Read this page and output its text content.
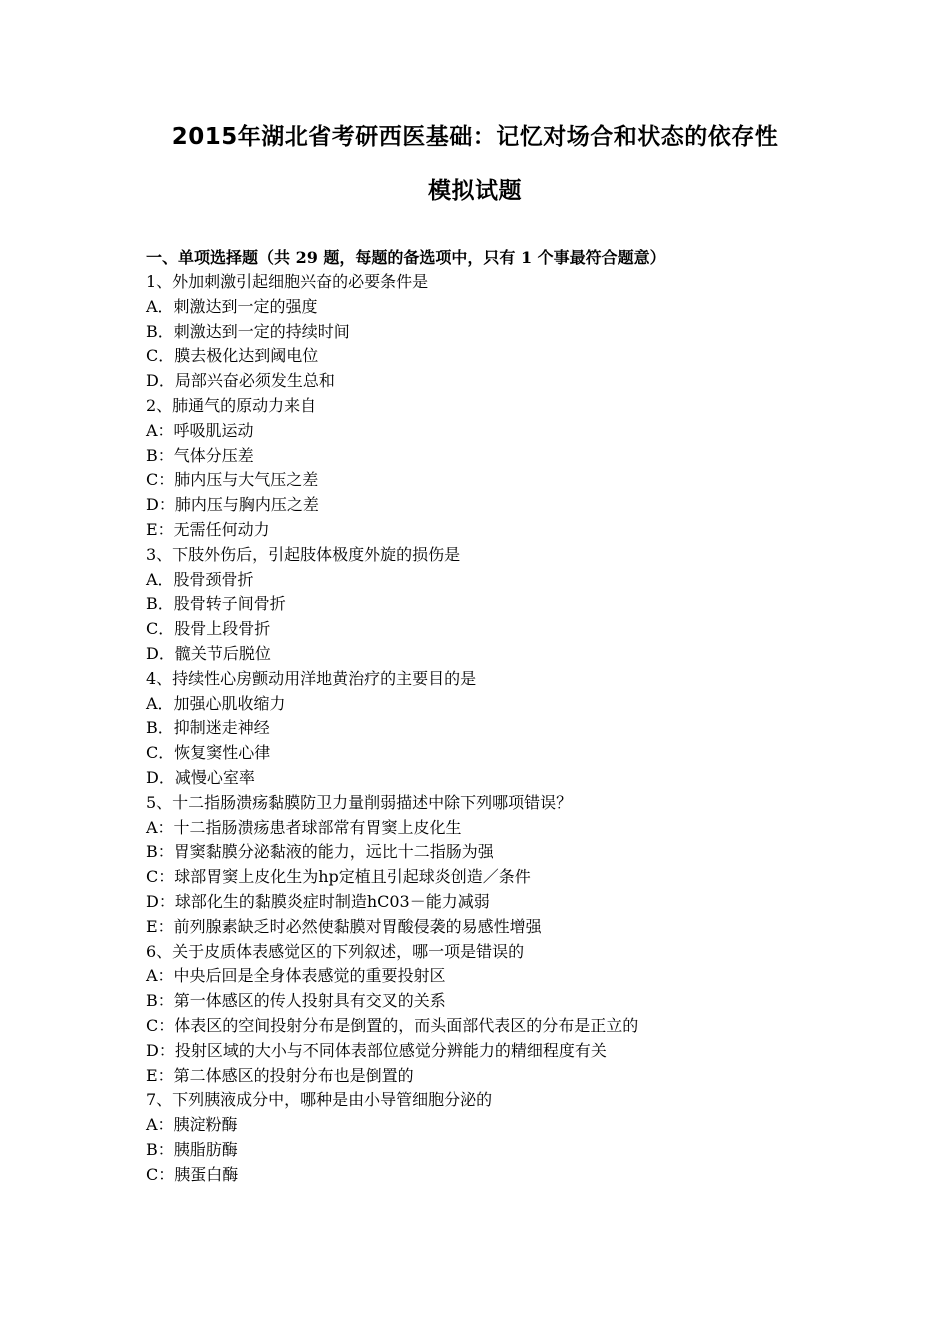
2015年湖北省考研西医基础：记忆对场合和状态的依存性
模拟试题
一、单项选择题（共 29 题，每题的备选项中，只有 1 个事最符合题意）
1、外加刺激引起细胞兴奋的必要条件是
A．刺激达到一定的强度
B．刺激达到一定的持续时间
C．膜去极化达到阈电位
D．局部兴奋必须发生总和
2、肺通气的原动力来自
A：呼吸肌运动
B：气体分压差
C：肺内压与大气压之差
D：肺内压与胸内压之差
E：无需任何动力
3、下肢外伤后，引起肢体极度外旋的损伤是
A．股骨颈骨折
B．股骨转子间骨折
C．股骨上段骨折
D．髋关节后脱位
4、持续性心房颤动用洋地黄治疗的主要目的是
A．加强心肌收缩力
B．抑制迷走神经
C．恢复窦性心律
D．减慢心室率
5、十二指肠溃疡黏膜防卫力量削弱描述中除下列哪项错误？
A：十二指肠溃疡患者球部常有胃窦上皮化生
B：胃窦黏膜分泌黏液的能力，远比十二指肠为强
C：球部胃窦上皮化生为hp定植且引起球炎创造／条件
D：球部化生的黏膜炎症时制造hC03－能力减弱
E：前列腺素缺乏时必然使黏膜对胃酸侵袭的易感性增强
6、关于皮质体表感觉区的下列叙述，哪一项是错误的
A：中央后回是全身体表感觉的重要投射区
B：第一体感区的传人投射具有交叉的关系
C：体表区的空间投射分布是倒置的，而头面部代表区的分布是正立的
D：投射区域的大小与不同体表部位感觉分辨能力的精细程度有关
E：第二体感区的投射分布也是倒置的
7、下列胰液成分中，哪种是由小导管细胞分泌的
A：胰淀粉酶
B：胰脂肪酶
C：胰蛋白酶
